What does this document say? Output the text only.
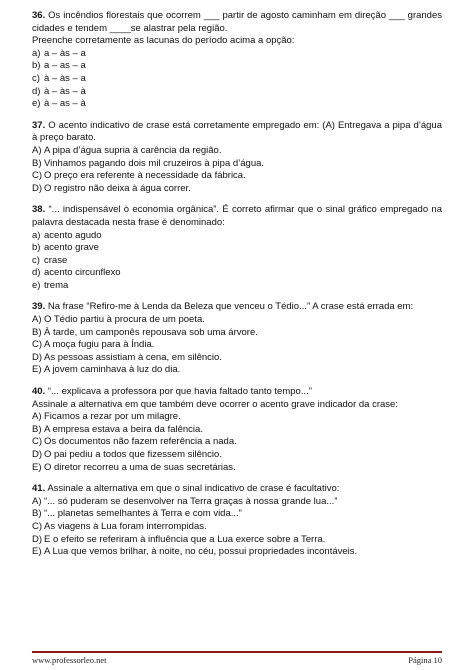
36. Os incêndios florestais que ocorrem ___ partir de agosto caminham em direção ___ grandes cidades e tendem ____se alastrar pela região.

Preenche corretamente as lacunas do período acima a opção:

a) a – às – a
b) a – as – a
c) à – às – a
d) à – às – à
e) à – as – à

37. O acento indicativo de crase está corretamente empregado em: (A) Entregava a pipa d’água à preço barato.

A) A pipa d’água supria à carência da região.
B) Vinhamos pagando dois mil cruzeiros à pipa d’água.
C) O preço era referente à necessidade da fábrica.
D) O registro não deixa à água correr.

38. “... indispensável ò economia orgânica”. É correto afirmar que o sinal gráfico empregado na palavra destacada nesta frase é denominado:

a) acento agudo
b) acento grave
c) crase
d) acento circunflexo
e) trema

39. Na frase “Refiro-me à Lenda da Beleza que venceu o Tédio...” A crase está errada em:

A) O Tédio partiu à procura de um poeta.
B) À tarde, um camponês repousava sob uma árvore.
C) A moça fugiu para à Índia.
D) As pessoas assistiam à cena, em silêncio.
E) A jovem caminhava à luz do dia.

40. “... explicava a professora por que havia faltado tanto tempo...”

Assinale a alternativa em que também deve ocorrer o acento grave indicador da crase:

A) Ficamos a rezar por um milagre.
B) A empresa estava a beira da falência.
C) Os documentos não fazem referência a nada.
D) O pai pediu a todos que fizessem silêncio.
E) O diretor recorreu a uma de suas secretárias.

41. Assinale a alternativa em que o sinal indicativo de crase é facultativo:

A) “... só puderam se desenvolver na Terra graças à nossa grande lua...”
B) “... planetas semelhantes à Terra e com vida...”
C) As viagens à Lua foram interrompidas.
D) E o efeito se referiram à influência que a Lua exerce sobre a Terra.
E) A Lua que vemos brilhar, à noite, no céu, possui propriedades incontáveis.
www.professorleo.net	Página 10
